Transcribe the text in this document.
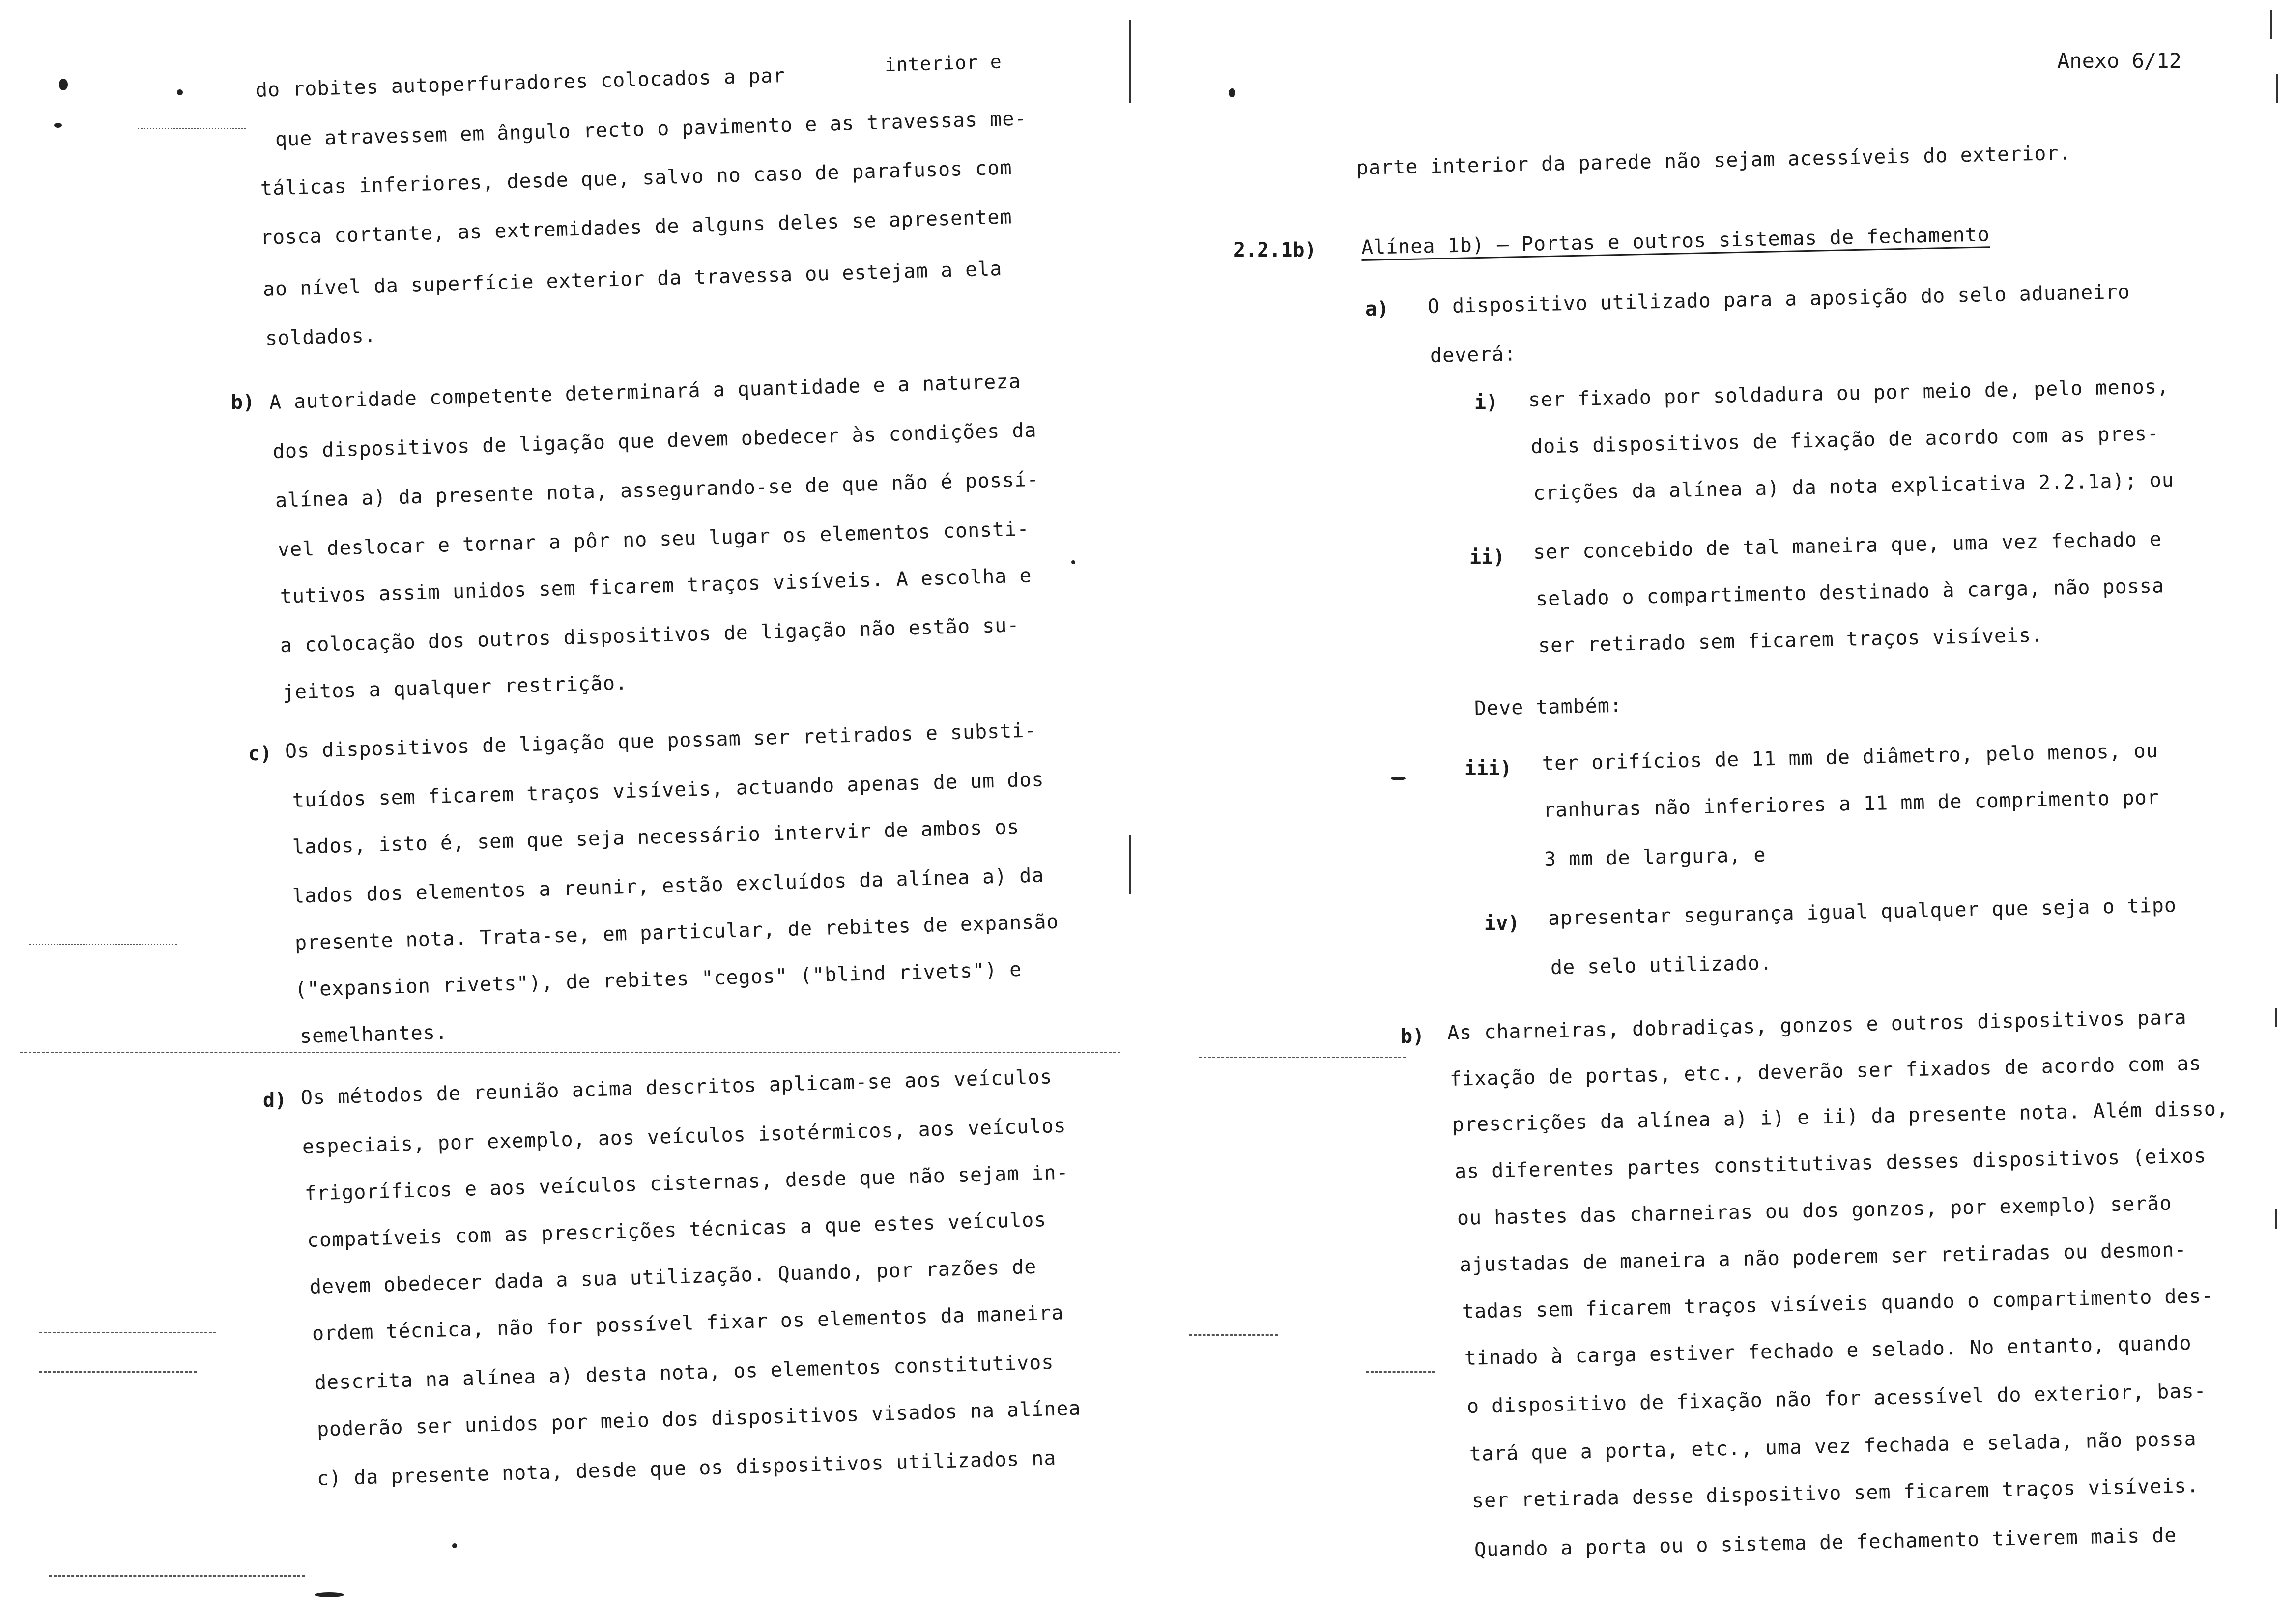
do robites autoperfuradores colocados a par
interior e
que atravessem em ângulo recto o pavimento e as travessas me-
tálicas inferiores, desde que, salvo no caso de parafusos com
rosca cortante, as extremidades de alguns deles se apresentem
ao nível da superfície exterior da travessa ou estejam a ela
soldados.
b) A autoridade competente determinará a quantidade e a natureza
dos dispositivos de ligação que devem obedecer às condições da
alínea a) da presente nota, assegurando-se de que não é possí-
vel deslocar e tornar a pôr no seu lugar os elementos consti-
tutivos assim unidos sem ficarem traços visíveis. A escolha e
a colocação dos outros dispositivos de ligação não estão su-
jeitos a qualquer restrição.
c) Os dispositivos de ligação que possam ser retirados e substi-
tuídos sem ficarem traços visíveis, actuando apenas de um dos
lados, isto é, sem que seja necessário intervir de ambos os
lados dos elementos a reunir, estão excluídos da alínea a) da
presente nota. Trata-se, em particular, de rebites de expansão
("expansion rivets"), de rebites "cegos" ("blind rivets") e
semelhantes.
d) Os métodos de reunião acima descritos aplicam-se aos veículos
especiais, por exemplo, aos veículos isotérmicos, aos veículos
frigoríficos e aos veículos cisternas, desde que não sejam in-
compatíveis com as prescrições técnicas a que estes veículos
devem obedecer dada a sua utilização. Quando, por razões de
ordem técnica, não for possível fixar os elementos da maneira
descrita na alínea a) desta nota, os elementos constitutivos
poderão ser unidos por meio dos dispositivos visados na alínea
c) da presente nota, desde que os dispositivos utilizados na
Anexo 6/12
parte interior da parede não sejam acessíveis do exterior.
2.2.1b) Alínea 1b) — Portas e outros sistemas de fechamento
a) O dispositivo utilizado para a aposição do selo aduaneiro
deverá:
i) ser fixado por soldadura ou por meio de, pelo menos,
dois dispositivos de fixação de acordo com as pres-
crições da alínea a) da nota explicativa 2.2.1a); ou
ii) ser concebido de tal maneira que, uma vez fechado e
selado o compartimento destinado à carga, não possa
ser retirado sem ficarem traços visíveis.
Deve também:
iii) ter orifícios de 11 mm de diâmetro, pelo menos, ou
ranhuras não inferiores a 11 mm de comprimento por
3 mm de largura, e
iv) apresentar segurança igual qualquer que seja o tipo
de selo utilizado.
b) As charneiras, dobradiças, gonzos e outros dispositivos para
fixação de portas, etc., deverão ser fixados de acordo com as
prescrições da alínea a) i) e ii) da presente nota. Além disso,
as diferentes partes constitutivas desses dispositivos (eixos
ou hastes das charneiras ou dos gonzos, por exemplo) serão
ajustadas de maneira a não poderem ser retiradas ou desmon-
tadas sem ficarem traços visíveis quando o compartimento des-
tinado à carga estiver fechado e selado. No entanto, quando
o dispositivo de fixação não for acessível do exterior, bas-
tará que a porta, etc., uma vez fechada e selada, não possa
ser retirada desse dispositivo sem ficarem traços visíveis.
Quando a porta ou o sistema de fechamento tiverem mais de
